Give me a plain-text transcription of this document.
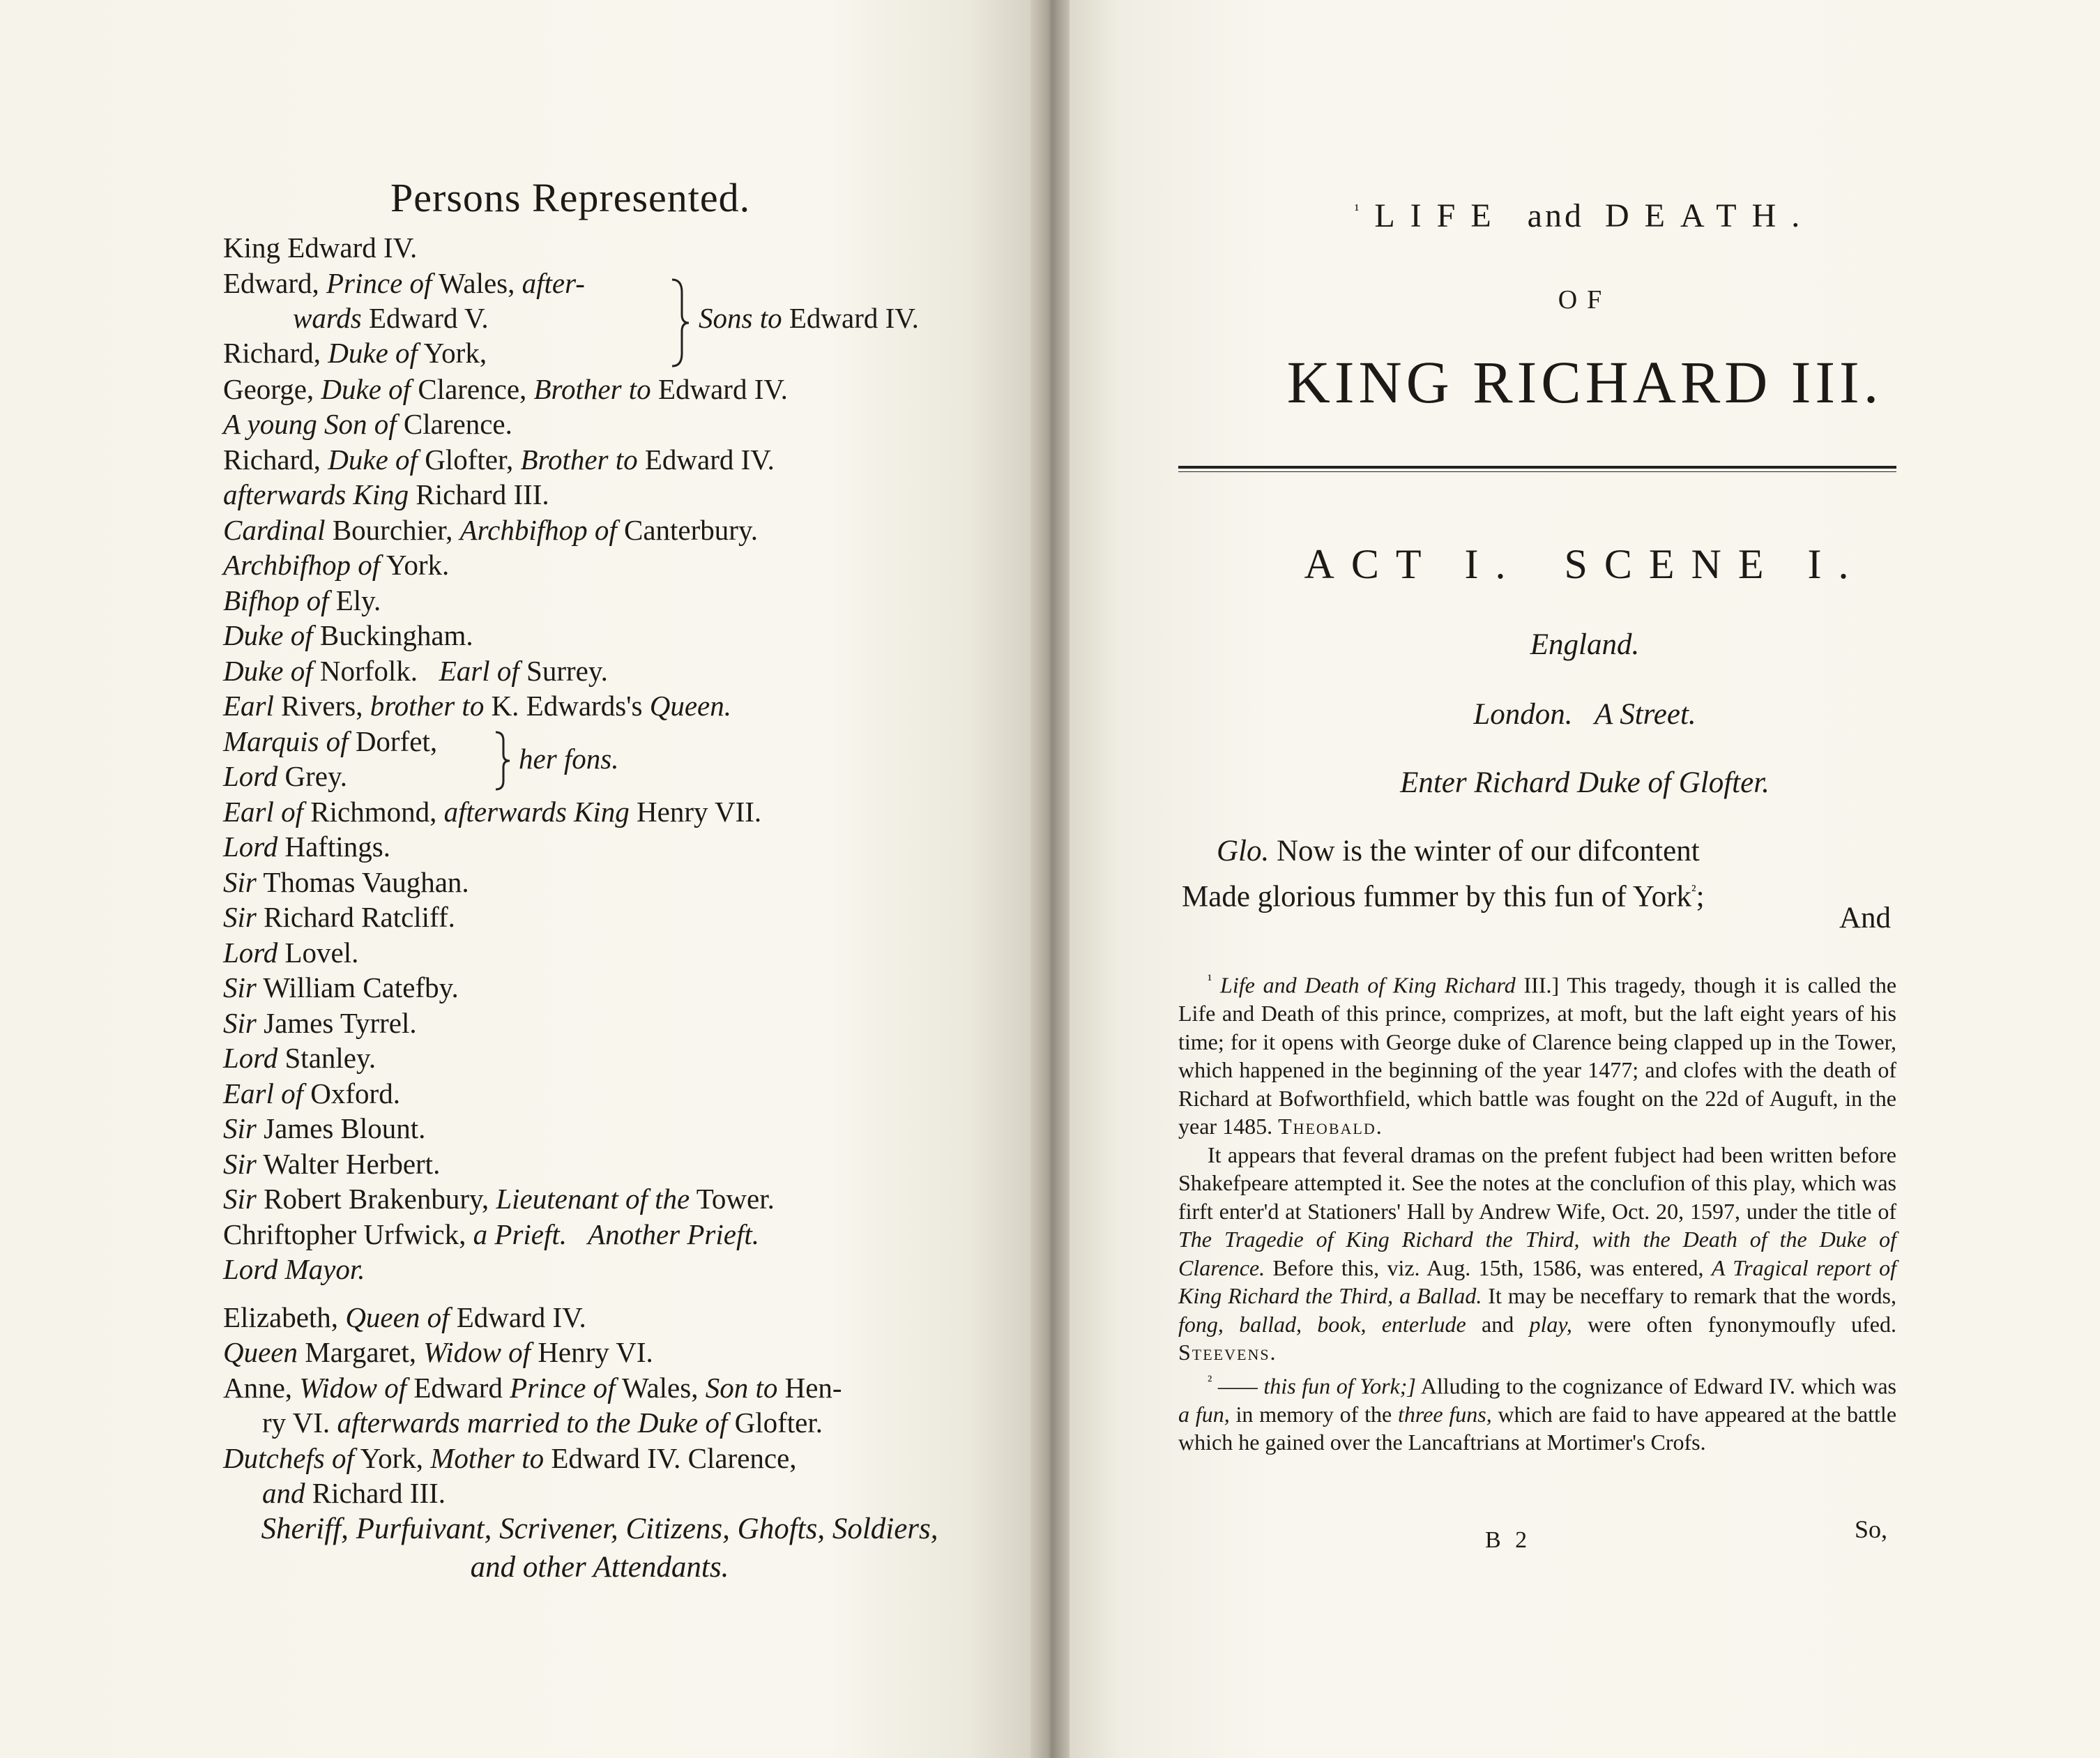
Persons Represented.
King Edward IV.
Edward, Prince of Wales, after-
wards Edward V.
Richard, Duke of York,
Sons to Edward IV.
George, Duke of Clarence, Brother to Edward IV.
A young Son of Clarence.
Richard, Duke of Glofter, Brother to Edward IV.
afterwards King Richard III.
Cardinal Bourchier, Archbifhop of Canterbury.
Archbifhop of York.
Bifhop of Ely.
Duke of Buckingham.
Duke of Norfolk.   Earl of Surrey.
Earl Rivers, brother to K. Edwards's Queen.
Marquis of Dorfet,
Lord Grey.
her fons.
Earl of Richmond, afterwards King Henry VII.
Lord Haftings.
Sir Thomas Vaughan.
Sir Richard Ratcliff.
Lord Lovel.
Sir William Catefby.
Sir James Tyrrel.
Lord Stanley.
Earl of Oxford.
Sir James Blount.
Sir Walter Herbert.
Sir Robert Brakenbury, Lieutenant of the Tower.
Chriftopher Urfwick, a Prieft.   Another Prieft.
Lord Mayor.
Elizabeth, Queen of Edward IV.
Queen Margaret, Widow of Henry VI.
Anne, Widow of Edward Prince of Wales, Son to Hen-
ry VI. afterwards married to the Duke of Glofter.
Dutchefs of York, Mother to Edward IV. Clarence,
and Richard III.
Sheriff, Purfuivant, Scrivener, Citizens, Ghofts, Soldiers,
and other Attendants.
$^{^1}$LIFE and DEATH.
OF
KING RICHARD III.
ACT I. SCENE I.
England.
London.   A Street.
Enter Richard Duke of Glofter.
Glo. Now is the winter of our difcontent
Made glorious fummer by this fun of York$^{^2}$;
And

$^{^1}$ Life and Death of King Richard III.] This tragedy, though it is called the Life and Death of this prince, comprizes, at moft, but the laft eight years of his time; for it opens with George duke of Clarence being clapped up in the Tower, which happened in the beginning of the year 1477; and clofes with the death of Richard at Bofworthfield, which battle was fought on the 22d of Auguft, in the year 1485. Theobald.

It appears that feveral dramas on the prefent fubject had been written before Shakefpeare attempted it. See the notes at the conclufion of this play, which was firft enter'd at Stationers' Hall by Andrew Wife, Oct. 20, 1597, under the title of The Tragedie of King Richard the Third, with the Death of the Duke of Clarence. Before this, viz. Aug. 15th, 1586, was entered, A Tragical report of King Richard the Third, a Ballad. It may be neceffary to remark that the words, fong, ballad, book, enterlude and play, were often fynonymoufly ufed. Steevens.

$^{^2}$ —— this fun of York;] Alluding to the cognizance of Edward IV. which was a fun, in memory of the three funs, which are faid to have appeared at the battle which he gained over the Lancaftrians at Mortimer's Crofs.

B 2	So,
